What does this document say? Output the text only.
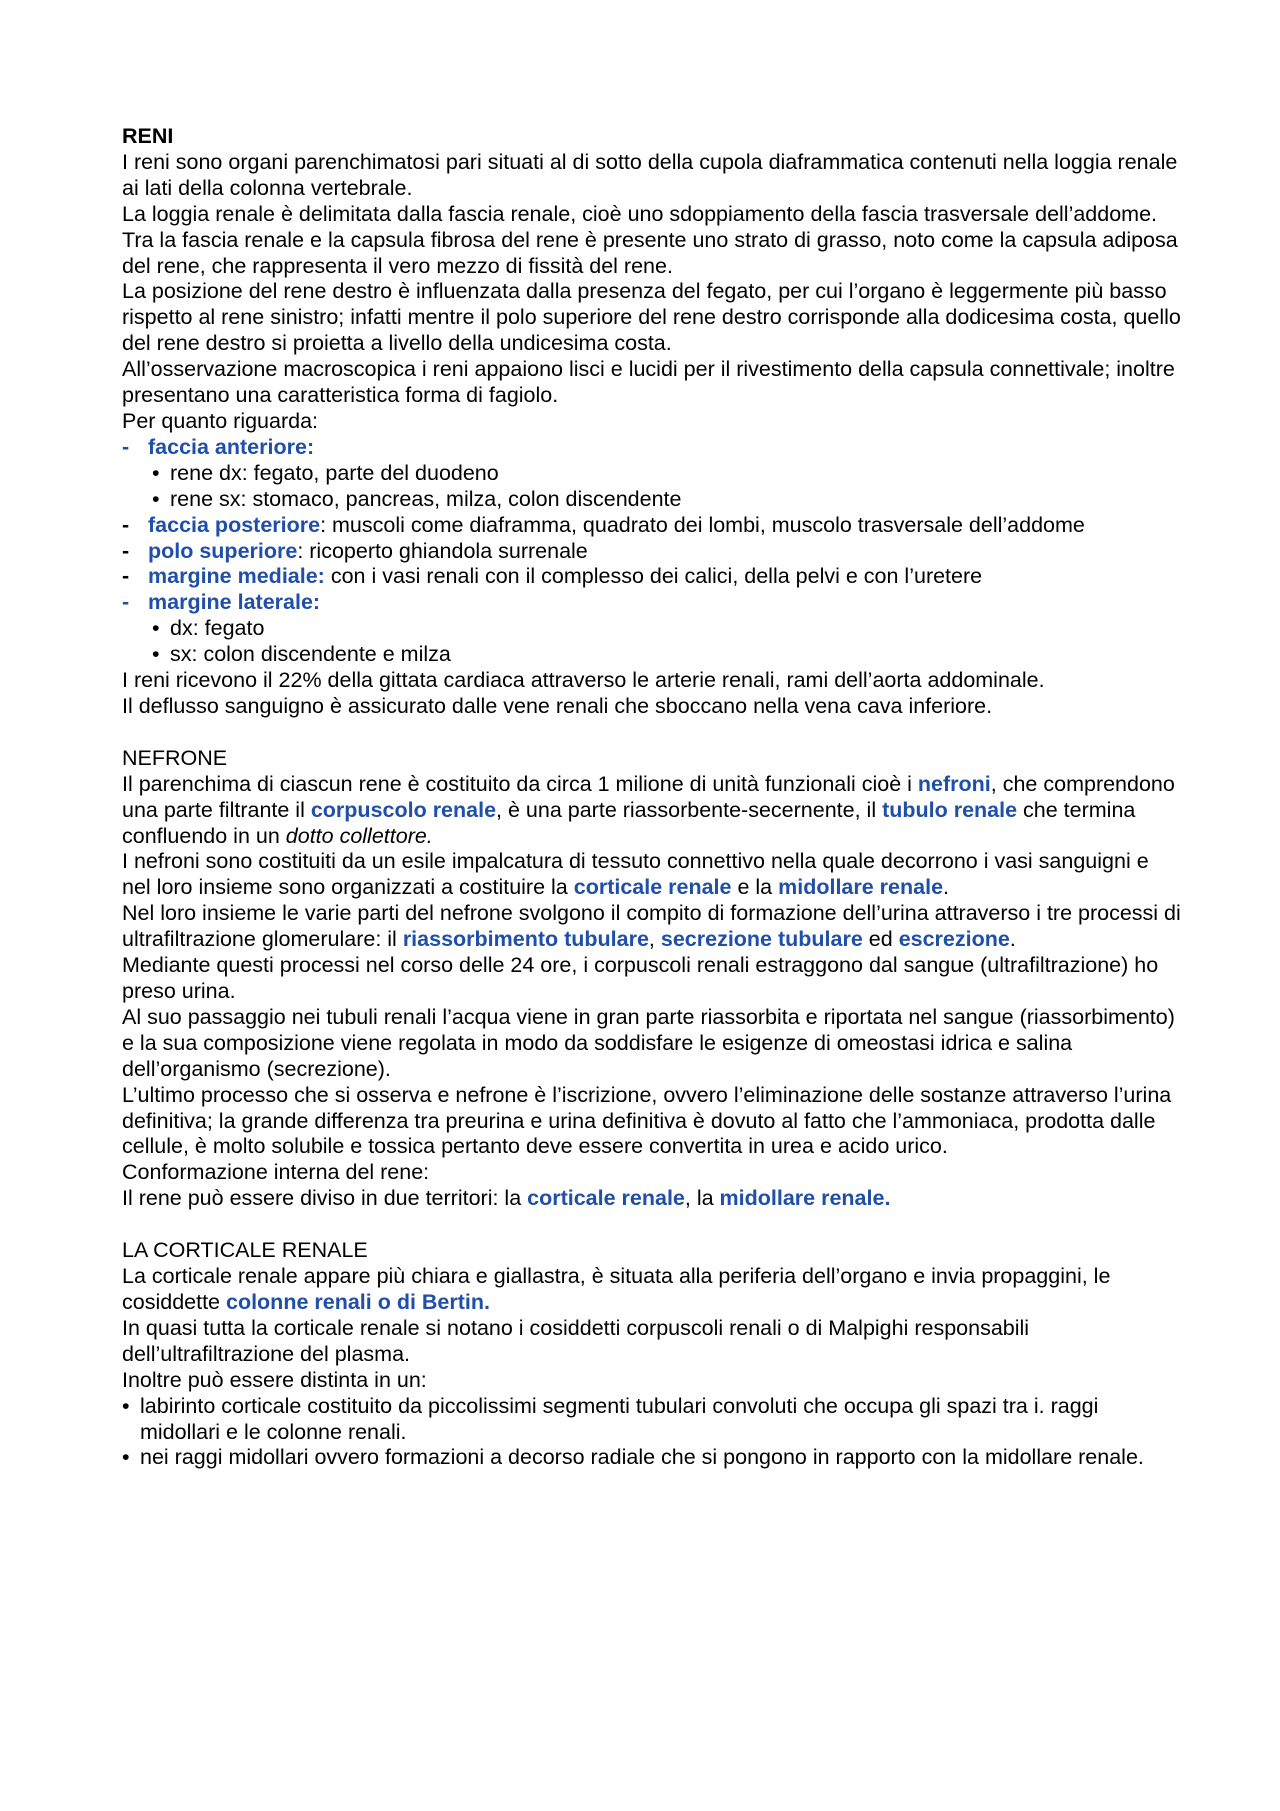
RENI

I reni sono organi parenchimatosi pari situati al di sotto della cupola diaframmatica contenuti nella loggia renale ai lati della colonna vertebrale.

La loggia renale è delimitata dalla fascia renale, cioè uno sdoppiamento della fascia trasversale dell’addome.

Tra la fascia renale e la capsula fibrosa del rene è presente uno strato di grasso, noto come la capsula adiposa del rene, che rappresenta il vero mezzo di fissità del rene.

La posizione del rene destro è influenzata dalla presenza del fegato, per cui l’organo è leggermente più basso rispetto al rene sinistro; infatti mentre il polo superiore del rene destro corrisponde alla dodicesima costa, quello del rene destro si proietta a livello della undicesima costa.

All’osservazione macroscopica i reni appaiono lisci e lucidi per il rivestimento della capsula connettivale; inoltre presentano una caratteristica forma di fagiolo.

Per quanto riguarda:

- faccia anteriore:
• rene dx: fegato, parte del duodeno
• rene sx: stomaco, pancreas, milza, colon discendente
- faccia posteriore: muscoli come diaframma, quadrato dei lombi, muscolo trasversale dell’addome
- polo superiore: ricoperto ghiandola surrenale
- margine mediale: con i vasi renali con il complesso dei calici, della pelvi e con l’uretere
- margine laterale:
• dx: fegato
• sx: colon discendente e milza

I reni ricevono il 22% della gittata cardiaca attraverso le arterie renali, rami dell’aorta addominale.

Il deflusso sanguigno è assicurato dalle vene renali che sboccano nella vena cava inferiore.

NEFRONE

Il parenchima di ciascun rene è costituito da circa 1 milione di unità funzionali cioè i nefroni, che comprendono una parte filtrante il corpuscolo renale, è una parte riassorbente-secernente, il tubulo renale che termina confluendo in un dotto collettore.

I nefroni sono costituiti da un esile impalcatura di tessuto connettivo nella quale decorrono i vasi sanguigni e nel loro insieme sono organizzati a costituire la corticale renale e la midollare renale.

Nel loro insieme le varie parti del nefrone svolgono il compito di formazione dell’urina attraverso i tre processi di ultrafiltrazione glomerulare: il riassorbimento tubulare, secrezione tubulare ed escrezione.

Mediante questi processi nel corso delle 24 ore, i corpuscoli renali estraggono dal sangue (ultrafiltrazione) ho preso urina.

Al suo passaggio nei tubuli renali l’acqua viene in gran parte riassorbita e riportata nel sangue (riassorbimento) e la sua composizione viene regolata in modo da soddisfare le esigenze di omeostasi idrica e salina dell’organismo (secrezione).

L’ultimo processo che si osserva e nefrone è l’iscrizione, ovvero l’eliminazione delle sostanze attraverso l’urina definitiva; la grande differenza tra preurina e urina definitiva è dovuto al fatto che l’ammoniaca, prodotta dalle cellule, è molto solubile e tossica pertanto deve essere convertita in urea e acido urico.

Conformazione interna del rene:

Il rene può essere diviso in due territori: la corticale renale, la midollare renale.

LA CORTICALE RENALE

La corticale renale appare più chiara e giallastra, è situata alla periferia dell’organo e invia propaggini, le cosiddette colonne renali o di Bertin.

In quasi tutta la corticale renale si notano i cosiddetti corpuscoli renali o di Malpighi responsabili dell’ultrafiltrazione del plasma.

Inoltre può essere distinta in un:

• labirinto corticale costituito da piccolissimi segmenti tubulari convoluti che occupa gli spazi tra i. raggi midollari e le colonne renali.
• nei raggi midollari ovvero formazioni a decorso radiale che si pongono in rapporto con la midollare renale.
